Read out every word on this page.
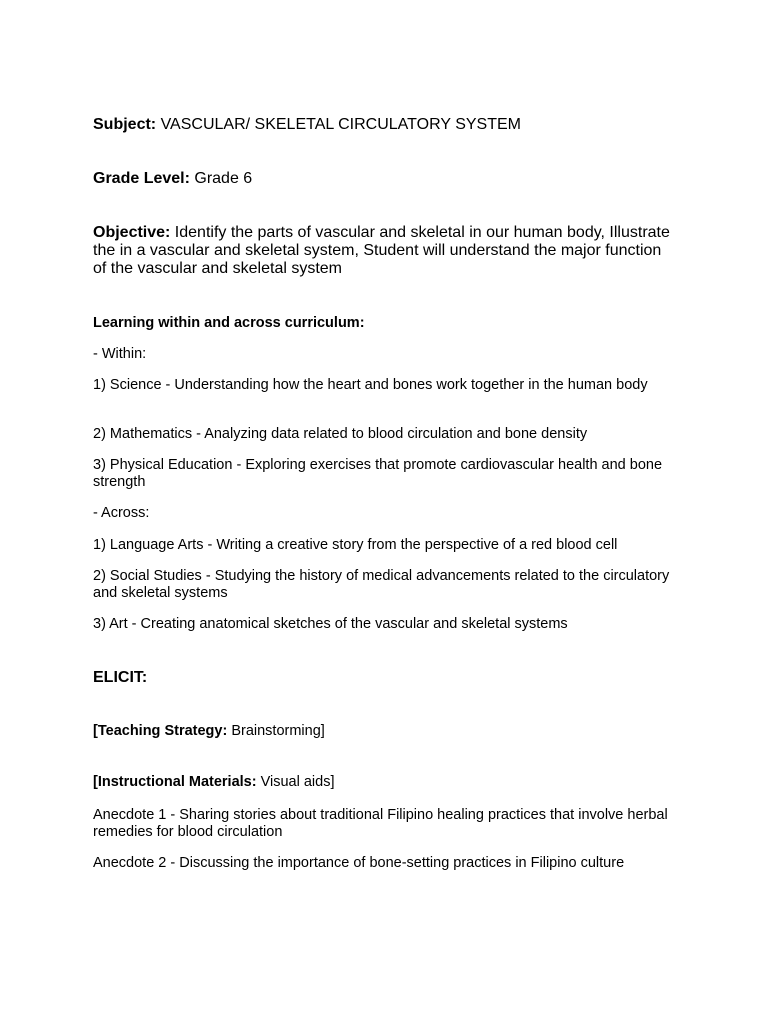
Subject: VASCULAR/ SKELETAL CIRCULATORY SYSTEM

Grade Level: Grade 6

Objective: Identify the parts of vascular and skeletal in our human body, Illustrate the in a vascular and skeletal system, Student will understand the major function of the vascular and skeletal system

Learning within and across curriculum:

- Within:

1) Science - Understanding how the heart and bones work together in the human body

2) Mathematics - Analyzing data related to blood circulation and bone density

3) Physical Education - Exploring exercises that promote cardiovascular health and bone strength

- Across:

1) Language Arts - Writing a creative story from the perspective of a red blood cell

2) Social Studies - Studying the history of medical advancements related to the circulatory and skeletal systems

3) Art - Creating anatomical sketches of the vascular and skeletal systems

ELICIT:

[Teaching Strategy: Brainstorming]

[Instructional Materials: Visual aids]

Anecdote 1 - Sharing stories about traditional Filipino healing practices that involve herbal remedies for blood circulation

Anecdote 2 - Discussing the importance of bone-setting practices in Filipino culture
